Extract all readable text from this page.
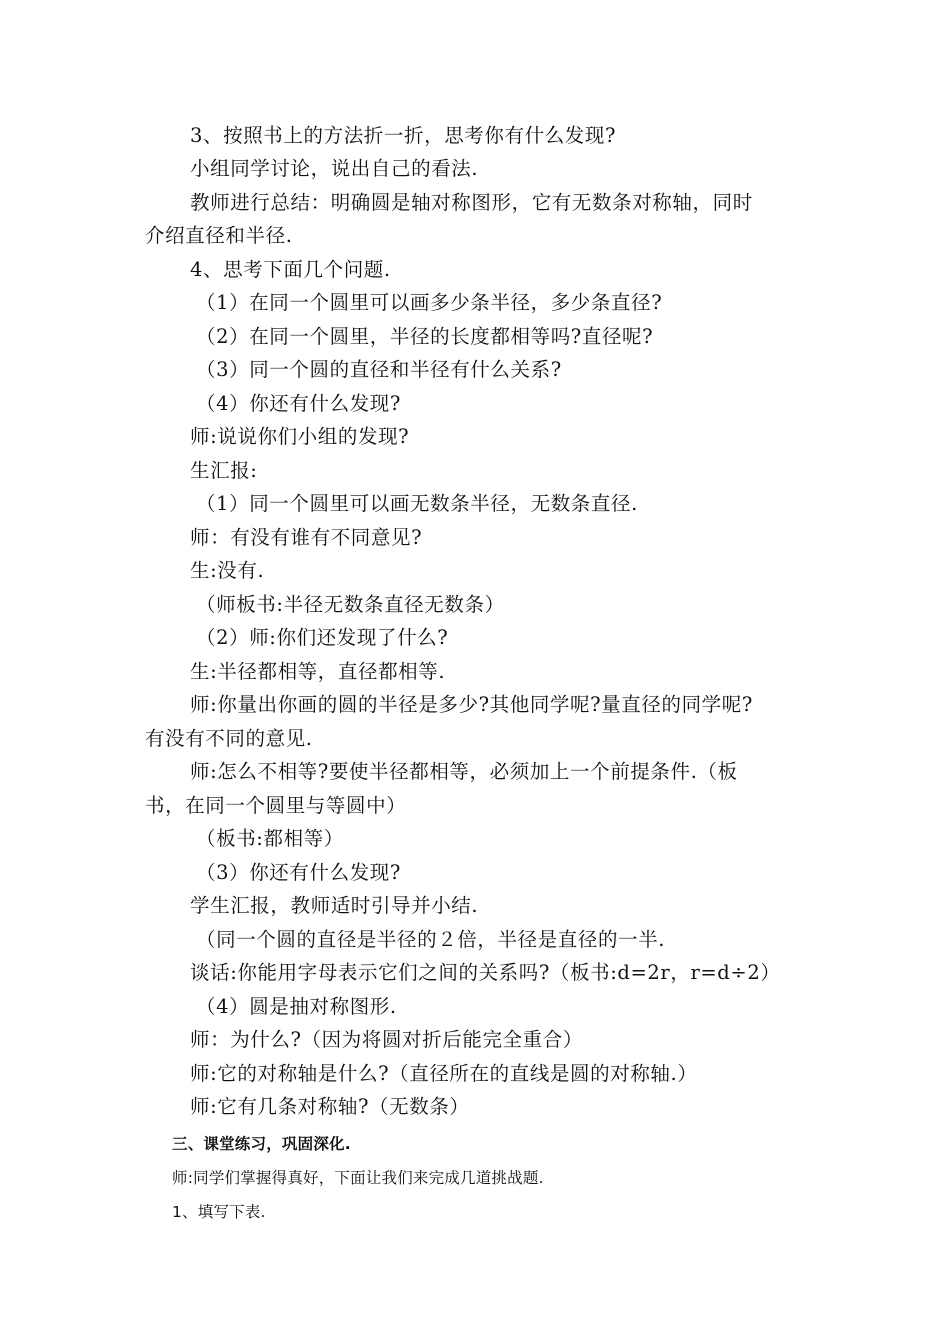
3、按照书上的方法折一折，思考你有什么发现?
小组同学讨论，说出自己的看法.
教师进行总结：明确圆是轴对称图形，它有无数条对称轴，同时
介绍直径和半径.
4、思考下面几个问题.
（1）在同一个圆里可以画多少条半径，多少条直径?
（2）在同一个圆里，半径的长度都相等吗?直径呢?
（3）同一个圆的直径和半径有什么关系?
（4）你还有什么发现?
师:说说你们小组的发现?
生汇报:
（1）同一个圆里可以画无数条半径，无数条直径.
师：有没有谁有不同意见?
生:没有.
（师板书:半径无数条直径无数条）
（2）师:你们还发现了什么?
生:半径都相等，直径都相等.
师:你量出你画的圆的半径是多少?其他同学呢?量直径的同学呢?
有没有不同的意见.
师:怎么不相等?要使半径都相等，必须加上一个前提条件.（板
书，在同一个圆里与等圆中）
（板书:都相等）
（3）你还有什么发现?
学生汇报，教师适时引导并小结.
（同一个圆的直径是半径的２倍，半径是直径的一半.
谈话:你能用字母表示它们之间的关系吗?（板书:d=2r，r=d÷2）
（4）圆是抽对称图形.
师：为什么?（因为将圆对折后能完全重合）
师:它的对称轴是什么?（直径所在的直线是圆的对称轴.）
师:它有几条对称轴?（无数条）
三、课堂练习，巩固深化.
师:同学们掌握得真好，下面让我们来完成几道挑战题.
1、填写下表.
